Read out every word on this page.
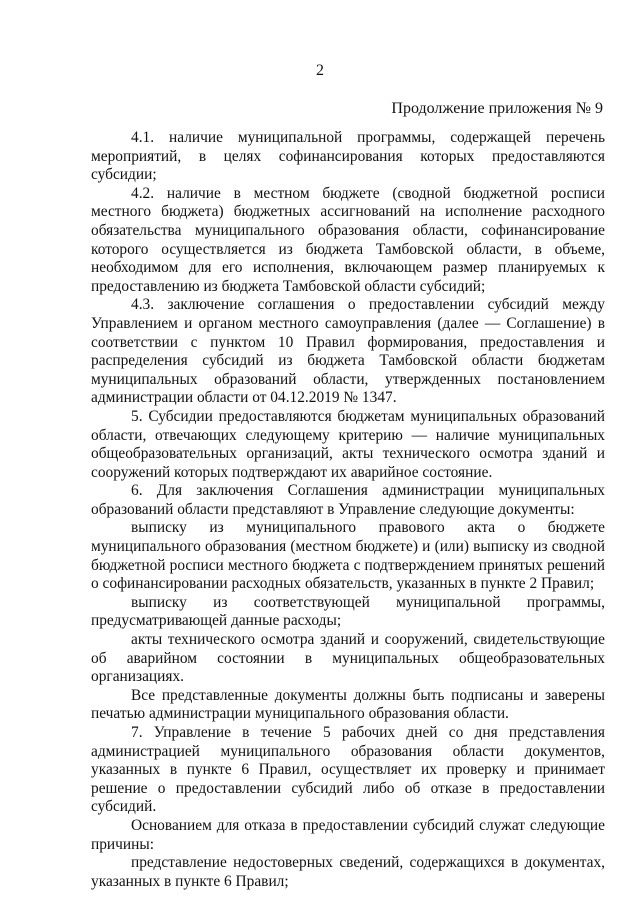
2
Продолжение приложения № 9

4.1. наличие муниципальной программы, содержащей перечень мероприятий, в целях софинансирования которых предоставляются субсидии;

4.2. наличие в местном бюджете (сводной бюджетной росписи местного бюджета) бюджетных ассигнований на исполнение расходного обязательства муниципального образования области, софинансирование которого осуществляется из бюджета Тамбовской области, в объеме, необходимом для его исполнения, включающем размер планируемых к предоставлению из бюджета Тамбовской области субсидий;

4.3. заключение соглашения о предоставлении субсидий между Управлением и органом местного самоуправления (далее — Соглашение) в соответствии с пунктом 10 Правил формирования, предоставления и распределения субсидий из бюджета Тамбовской области бюджетам муниципальных образований области, утвержденных постановлением администрации области от 04.12.2019 № 1347.

5. Субсидии предоставляются бюджетам муниципальных образований области, отвечающих следующему критерию — наличие муниципальных общеобразовательных организаций, акты технического осмотра зданий и сооружений которых подтверждают их аварийное состояние.

6. Для заключения Соглашения администрации муниципальных образований области представляют в Управление следующие документы:

выписку из муниципального правового акта о бюджете муниципального образования (местном бюджете) и (или) выписку из сводной бюджетной росписи местного бюджета с подтверждением принятых решений о софинансировании расходных обязательств, указанных в пункте 2 Правил;

выписку из соответствующей муниципальной программы, предусматривающей данные расходы;

акты технического осмотра зданий и сооружений, свидетельствующие об аварийном состоянии в муниципальных общеобразовательных организациях.

Все представленные документы должны быть подписаны и заверены печатью администрации муниципального образования области.

7. Управление в течение 5 рабочих дней со дня представления администрацией муниципального образования области документов, указанных в пункте 6 Правил, осуществляет их проверку и принимает решение о предоставлении субсидий либо об отказе в предоставлении субсидий.

Основанием для отказа в предоставлении субсидий служат следующие причины:

представление недостоверных сведений, содержащихся в документах, указанных в пункте 6 Правил;
